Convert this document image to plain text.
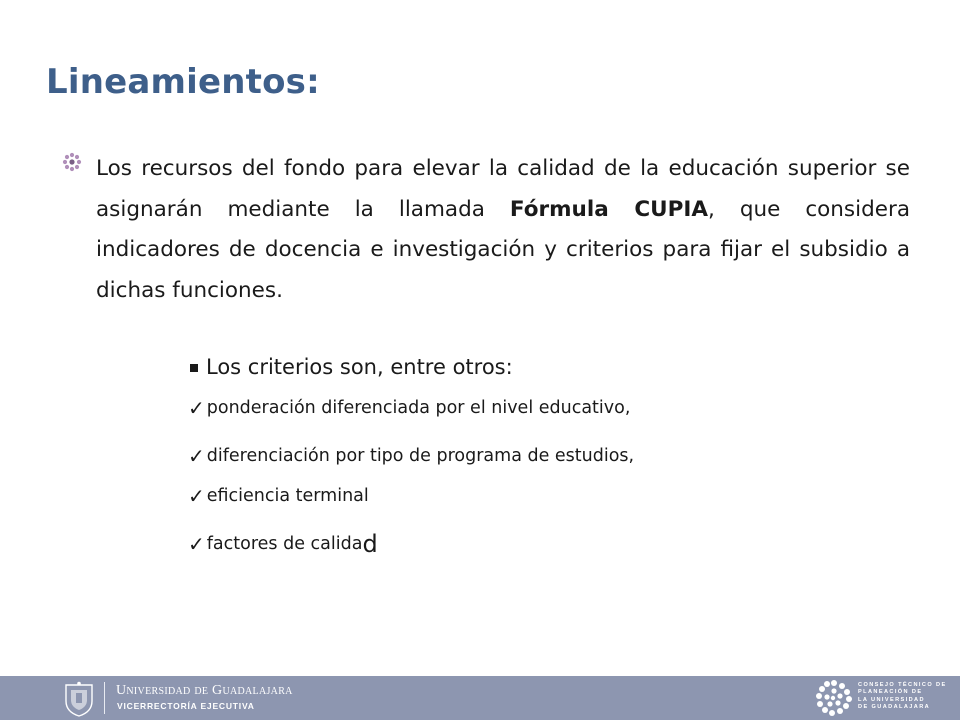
Lineamientos:
Los recursos del fondo para elevar la calidad de la educación superior se asignarán mediante la llamada Fórmula CUPIA, que considera indicadores de docencia e investigación y criterios para fijar el subsidio a dichas funciones.
Los criterios son, entre otros:
✓ ponderación diferenciada por el nivel educativo,
✓ diferenciación por tipo de programa de estudios,
✓ eficiencia terminal
✓ factores de calida d
Universidad de Guadalajara
VICERRECTORÍA EJECUTIVA
CONSEJO TÉCNICO DE
PLANEACIÓN DE
LA UNIVERSIDAD
DE GUADALAJARA
